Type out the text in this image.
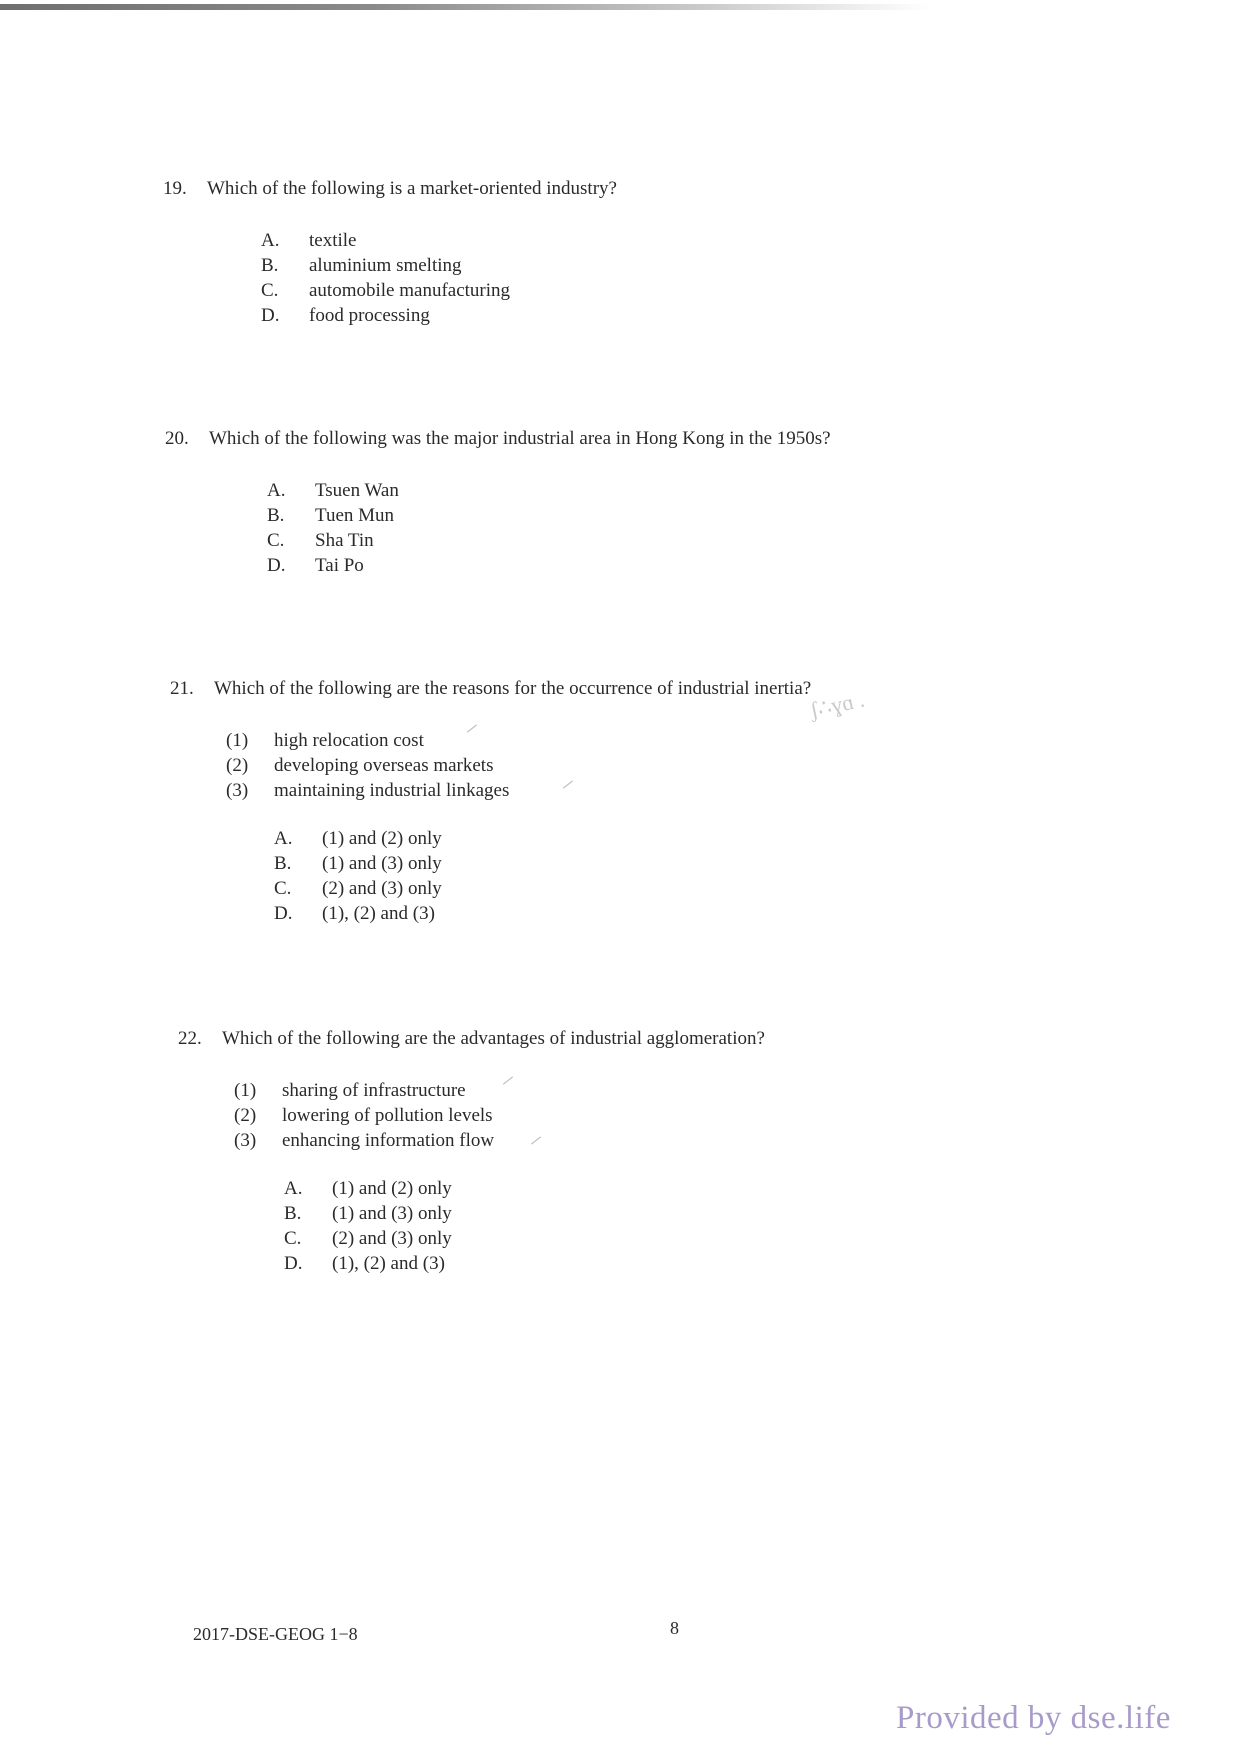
19. Which of the following is a market-oriented industry?
A. textile
B. aluminium smelting
C. automobile manufacturing
D. food processing
20. Which of the following was the major industrial area in Hong Kong in the 1950s?
A. Tsuen Wan
B. Tuen Mun
C. Sha Tin
D. Tai Po
21. Which of the following are the reasons for the occurrence of industrial inertia?
(1) high relocation cost
(2) developing overseas markets
(3) maintaining industrial linkages
A. (1) and (2) only
B. (1) and (3) only
C. (2) and (3) only
D. (1), (2) and (3)
22. Which of the following are the advantages of industrial agglomeration?
(1) sharing of infrastructure
(2) lowering of pollution levels
(3) enhancing information flow
A. (1) and (2) only
B. (1) and (3) only
C. (2) and (3) only
D. (1), (2) and (3)
ʃ∴ɣɑ .
2017-DSE-GEOG 1−8	8
Provided by dse.life
